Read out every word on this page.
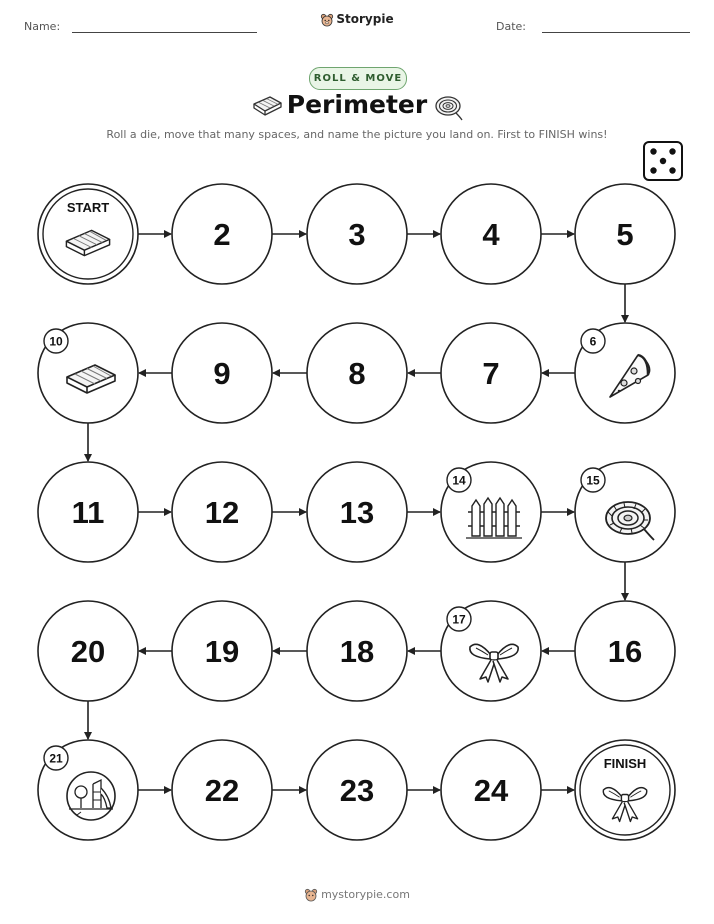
Name:
Storypie
Date:
ROLL & MOVE
Perimeter
Roll a die, move that many spaces, and name the picture you land on. First to FINISH wins!
START
2	3	4	5
6
7
8
9
10
11	12	13
14	15
16
17
18
19
20
21
22	23	24
FINISH
mystorypie.com
